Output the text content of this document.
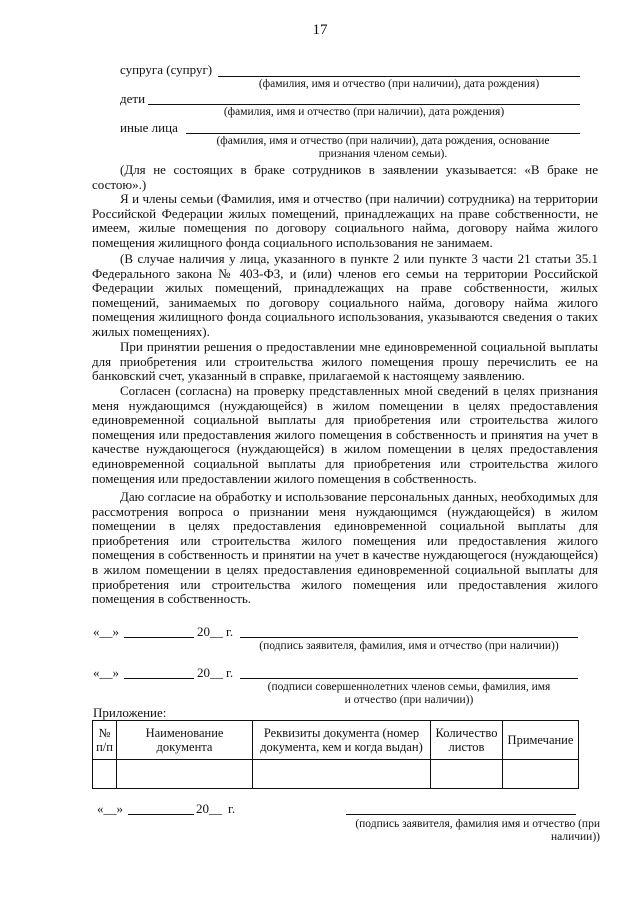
17
супруга (супруг)
(фамилия, имя и отчество (при наличии), дата рождения)
дети
(фамилия, имя и отчество (при наличии), дата рождения)
иные лица
(фамилия, имя и отчество (при наличии), дата рождения, основание
признания членом семьи).

(Для не состоящих в браке сотрудников в заявлении указывается: «В браке не состою».)

Я и члены семьи (Фамилия, имя и отчество (при наличии) сотрудника) на территории Российской Федерации жилых помещений, принадлежащих на праве собственности, не имеем, жилые помещения по договору социального найма, договору найма жилого помещения жилищного фонда социального использования не занимаем.

(В случае наличия у лица, указанного в пункте 2 или пункте 3 части 21 статьи 35.1 Федерального закона № 403-ФЗ, и (или) членов его семьи на территории Российской Федерации жилых помещений, принадлежащих на праве собственности, жилых помещений, занимаемых по договору социального найма, договору найма жилого помещения жилищного фонда социального использования, указываются сведения о таких жилых помещениях).

При принятии решения о предоставлении мне единовременной социальной выплаты для приобретения или строительства жилого помещения прошу перечислить ее на банковский счет, указанный в справке, прилагаемой к настоящему заявлению.

Согласен (согласна) на проверку представленных мной сведений в целях признания меня нуждающимся (нуждающейся) в жилом помещении в целях предоставления единовременной социальной выплаты для приобретения или строительства жилого помещения или предоставления жилого помещения в собственность и принятия на учет в качестве нуждающегося (нуждающейся) в жилом помещении в целях предоставления единовременной социальной выплаты для приобретения или строительства жилого помещения или предоставлении жилого помещения в собственность.

Даю согласие на обработку и использование персональных данных, необходимых для рассмотрения вопроса о признании меня нуждающимся (нуждающейся) в жилом помещении в целях предоставления единовременной социальной выплаты для приобретения или строительства жилого помещения или предоставления жилого помещения в собственность и принятии на учет в качестве нуждающегося (нуждающейся) в жилом помещении в целях предоставления единовременной социальной выплаты для приобретения или строительства жилого помещения или предоставления жилого помещения в собственность.

«__»	20__ г.
(подпись заявителя, фамилия, имя и отчество (при наличии))
«__»	20__ г.
(подписи совершеннолетних членов семьи, фамилия, имя
и отчество (при наличии))
Приложение:
№ п/п	Наименование документа	Реквизиты документа (номер документа, кем и когда выдан)	Количество листов	Примечание

«__»	20__ г.
(подпись заявителя, фамилия имя и отчество (при
наличии))
